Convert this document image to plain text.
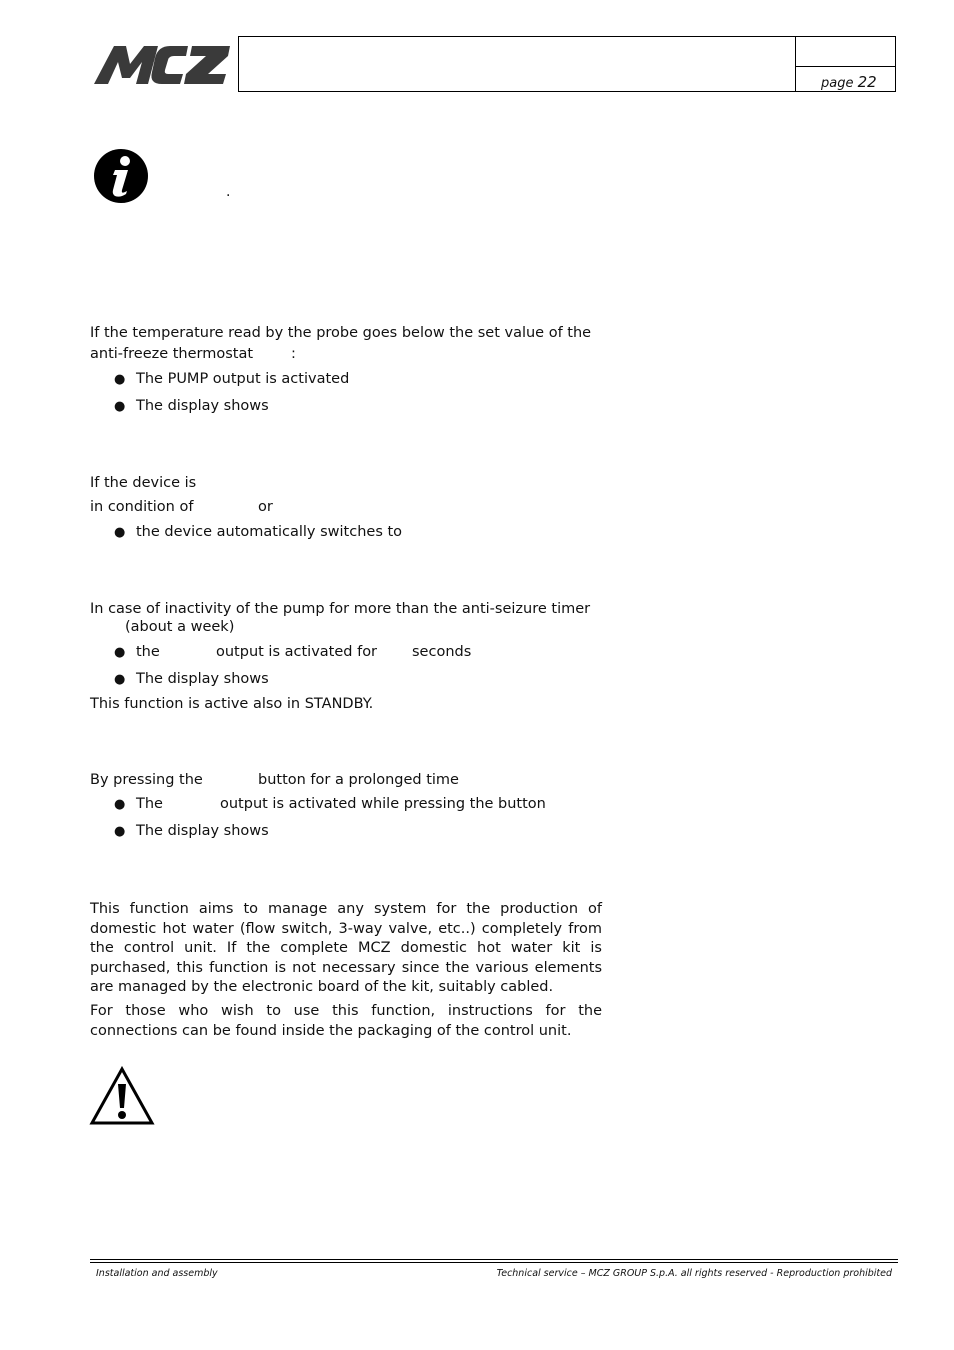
page 22
.
If the temperature read by the probe goes below the set value of the
anti-freeze thermostat	:
● The PUMP output is activated
● The display shows
If the device is
in condition of	or
● the device automatically switches to
In case of inactivity of the pump for more than the anti-seizure timer
(about a week)
● the	output is activated for seconds
● The display shows
This function is active also in STANDBY.
By pressing the	button for a prolonged time
● The	output is activated while pressing the button
● The display shows
This function aims to manage any system for the production of domestic hot water (flow switch, 3-way valve, etc..) completely from the control unit. If the complete MCZ domestic hot water kit is purchased, this function is not necessary since the various elements are managed by the electronic board of the kit, suitably cabled.
For those who wish to use this function, instructions for the connections can be found inside the packaging of the control unit.
Installation and assembly	Technical service – MCZ GROUP S.p.A. all rights reserved - Reproduction prohibited
